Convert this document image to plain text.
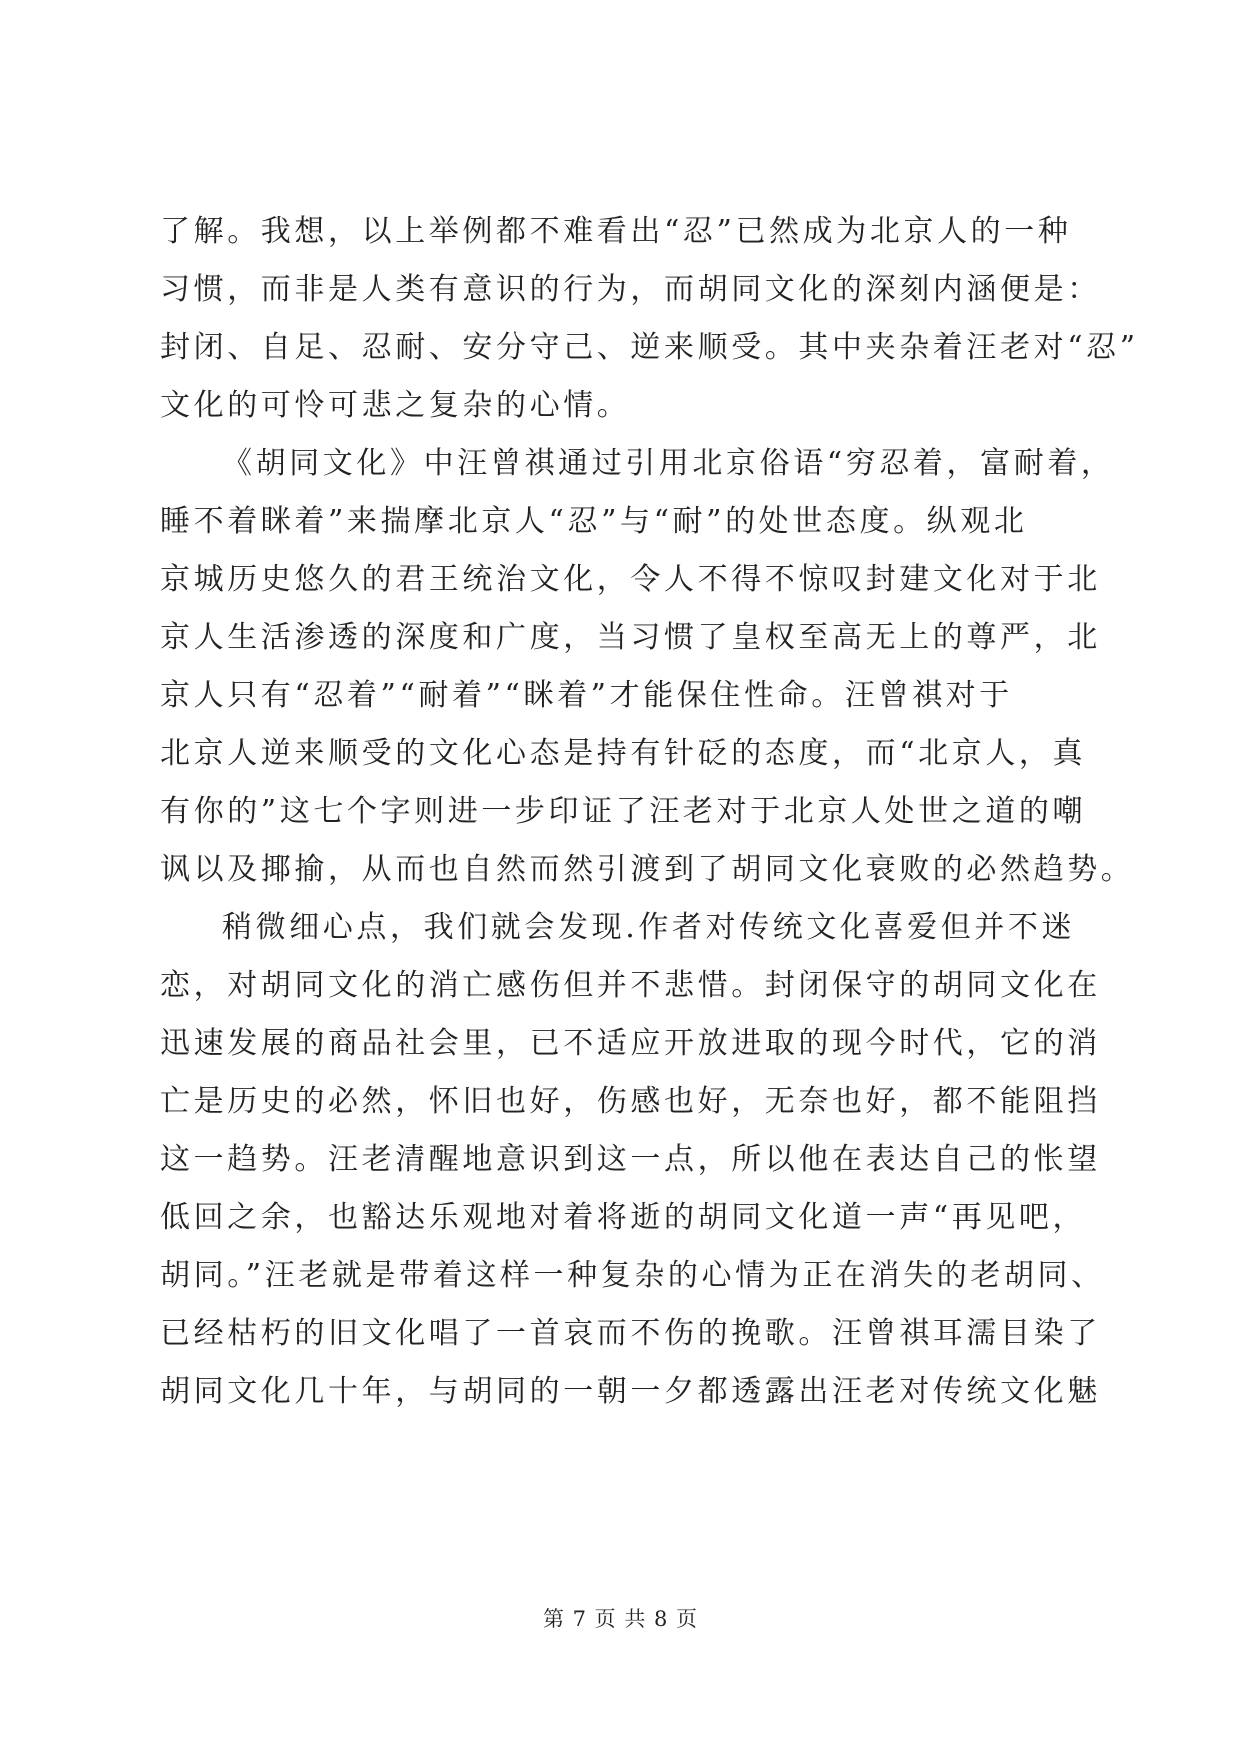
了解。我想，以上举例都不难看出“忍”已然成为北京人的一种
习惯，而非是人类有意识的行为，而胡同文化的深刻内涵便是：
封闭、自足、忍耐、安分守己、逆来顺受。其中夹杂着汪老对“忍”
文化的可怜可悲之复杂的心情。
《胡同文化》中汪曾祺通过引用北京俗语“穷忍着，富耐着，
睡不着眯着”来揣摩北京人“忍”与“耐”的处世态度。纵观北
京城历史悠久的君王统治文化，令人不得不惊叹封建文化对于北
京人生活渗透的深度和广度，当习惯了皇权至高无上的尊严，北
京人只有“忍着”“耐着”“眯着”才能保住性命。汪曾祺对于
北京人逆来顺受的文化心态是持有针砭的态度，而“北京人，真
有你的”这七个字则进一步印证了汪老对于北京人处世之道的嘲
讽以及揶揄，从而也自然而然引渡到了胡同文化衰败的必然趋势。
稍微细心点，我们就会发现.作者对传统文化喜爱但并不迷
恋，对胡同文化的消亡感伤但并不悲惜。封闭保守的胡同文化在
迅速发展的商品社会里，已不适应开放进取的现今时代，它的消
亡是历史的必然，怀旧也好，伤感也好，无奈也好，都不能阻挡
这一趋势。汪老清醒地意识到这一点，所以他在表达自己的怅望
低回之余，也豁达乐观地对着将逝的胡同文化道一声“再见吧，
胡同。”汪老就是带着这样一种复杂的心情为正在消失的老胡同、
已经枯朽的旧文化唱了一首哀而不伤的挽歌。汪曾祺耳濡目染了
胡同文化几十年，与胡同的一朝一夕都透露出汪老对传统文化魅
第 7 页 共 8 页
